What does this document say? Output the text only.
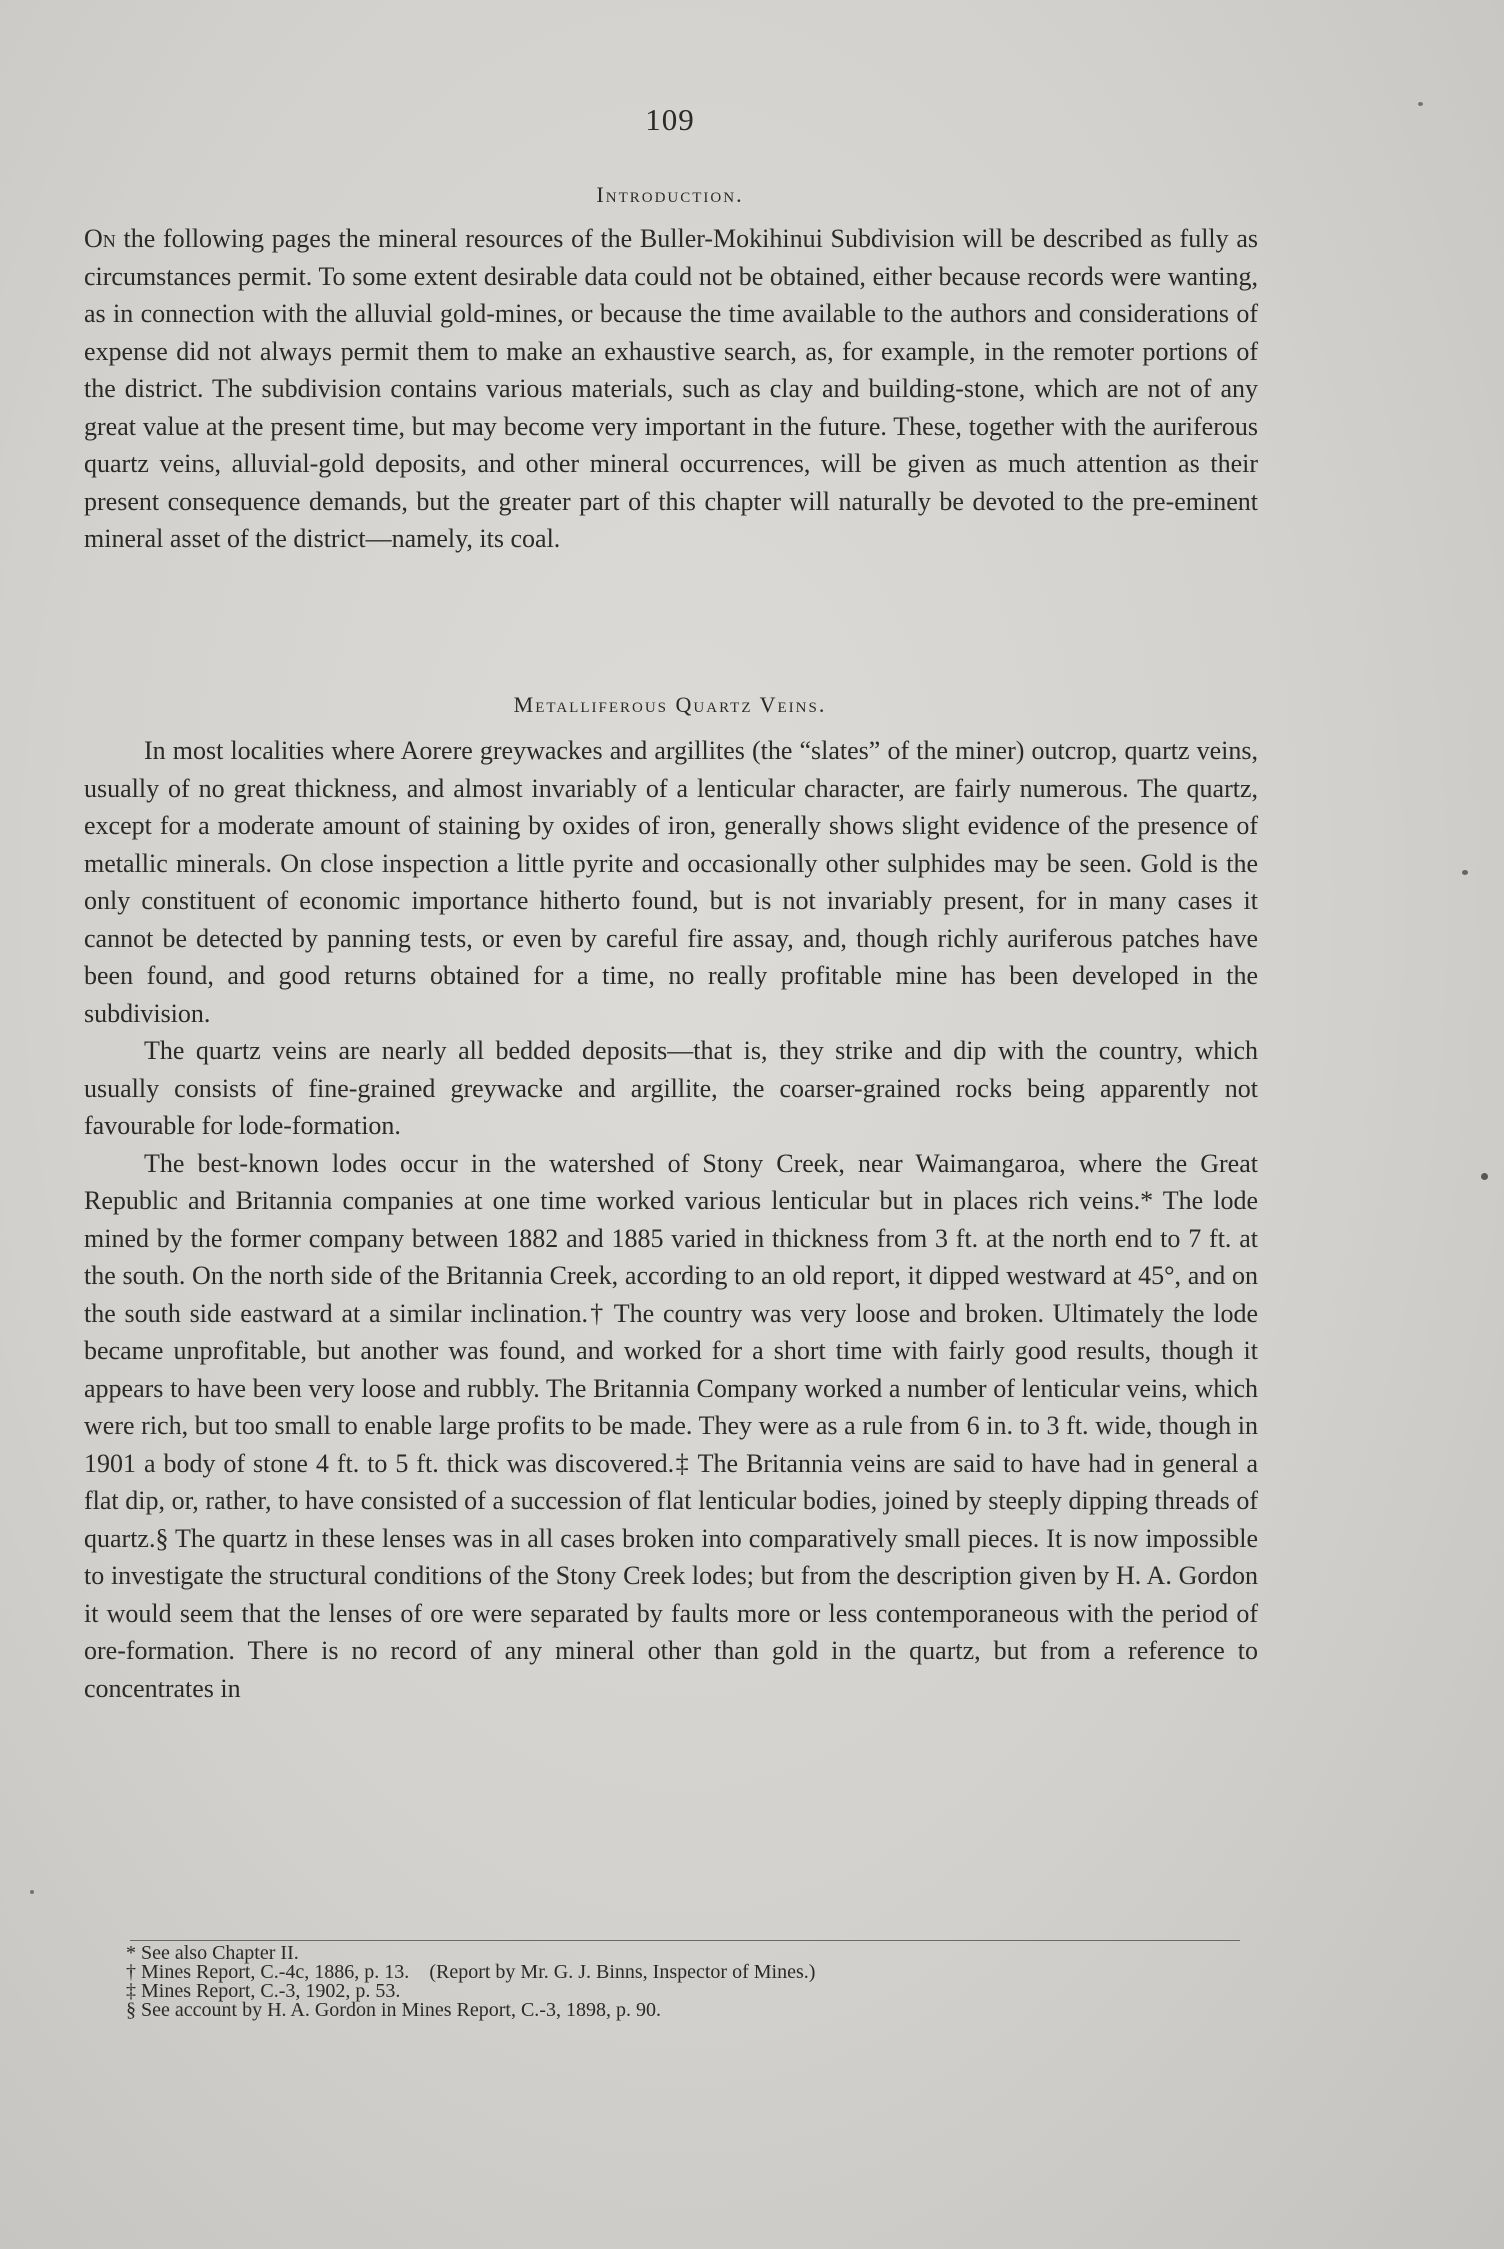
109
Introduction.

On the following pages the mineral resources of the Buller-Mokihinui Subdivision will be described as fully as circumstances permit. To some extent desirable data could not be obtained, either because records were wanting, as in connection with the alluvial gold-mines, or because the time available to the authors and considerations of expense did not always permit them to make an exhaustive search, as, for example, in the remoter portions of the district. The subdivision contains various materials, such as clay and building-stone, which are not of any great value at the present time, but may become very important in the future. These, together with the auriferous quartz veins, alluvial-gold deposits, and other mineral occurrences, will be given as much attention as their present consequence demands, but the greater part of this chapter will naturally be devoted to the pre-eminent mineral asset of the district—namely, its coal.

Metalliferous Quartz Veins.

In most localities where Aorere greywackes and argillites (the “slates” of the miner) outcrop, quartz veins, usually of no great thickness, and almost invariably of a lenticular character, are fairly numerous. The quartz, except for a moderate amount of staining by oxides of iron, generally shows slight evidence of the presence of metallic minerals. On close inspection a little pyrite and occasionally other sulphides may be seen. Gold is the only constituent of economic importance hitherto found, but is not invariably present, for in many cases it cannot be detected by panning tests, or even by careful fire assay, and, though richly auriferous patches have been found, and good returns obtained for a time, no really profitable mine has been developed in the subdivision.

The quartz veins are nearly all bedded deposits—that is, they strike and dip with the country, which usually consists of fine-grained greywacke and argillite, the coarser-grained rocks being apparently not favourable for lode-formation.

The best-known lodes occur in the watershed of Stony Creek, near Waimangaroa, where the Great Republic and Britannia companies at one time worked various lenticular but in places rich veins.* The lode mined by the former company between 1882 and 1885 varied in thickness from 3 ft. at the north end to 7 ft. at the south. On the north side of the Britannia Creek, according to an old report, it dipped westward at 45°, and on the south side eastward at a similar inclination.† The country was very loose and broken. Ultimately the lode became unprofitable, but another was found, and worked for a short time with fairly good results, though it appears to have been very loose and rubbly. The Britannia Company worked a number of lenticular veins, which were rich, but too small to enable large profits to be made. They were as a rule from 6 in. to 3 ft. wide, though in 1901 a body of stone 4 ft. to 5 ft. thick was discovered.‡ The Britannia veins are said to have had in general a flat dip, or, rather, to have consisted of a succession of flat lenticular bodies, joined by steeply dipping threads of quartz.§ The quartz in these lenses was in all cases broken into comparatively small pieces. It is now impossible to investigate the structural conditions of the Stony Creek lodes; but from the description given by H. A. Gordon it would seem that the lenses of ore were separated by faults more or less contemporaneous with the period of ore-formation. There is no record of any mineral other than gold in the quartz, but from a reference to concentrates in

* See also Chapter II.
† Mines Report, C.-4c, 1886, p. 13. (Report by Mr. G. J. Binns, Inspector of Mines.)
‡ Mines Report, C.-3, 1902, p. 53.
§ See account by H. A. Gordon in Mines Report, C.-3, 1898, p. 90.
